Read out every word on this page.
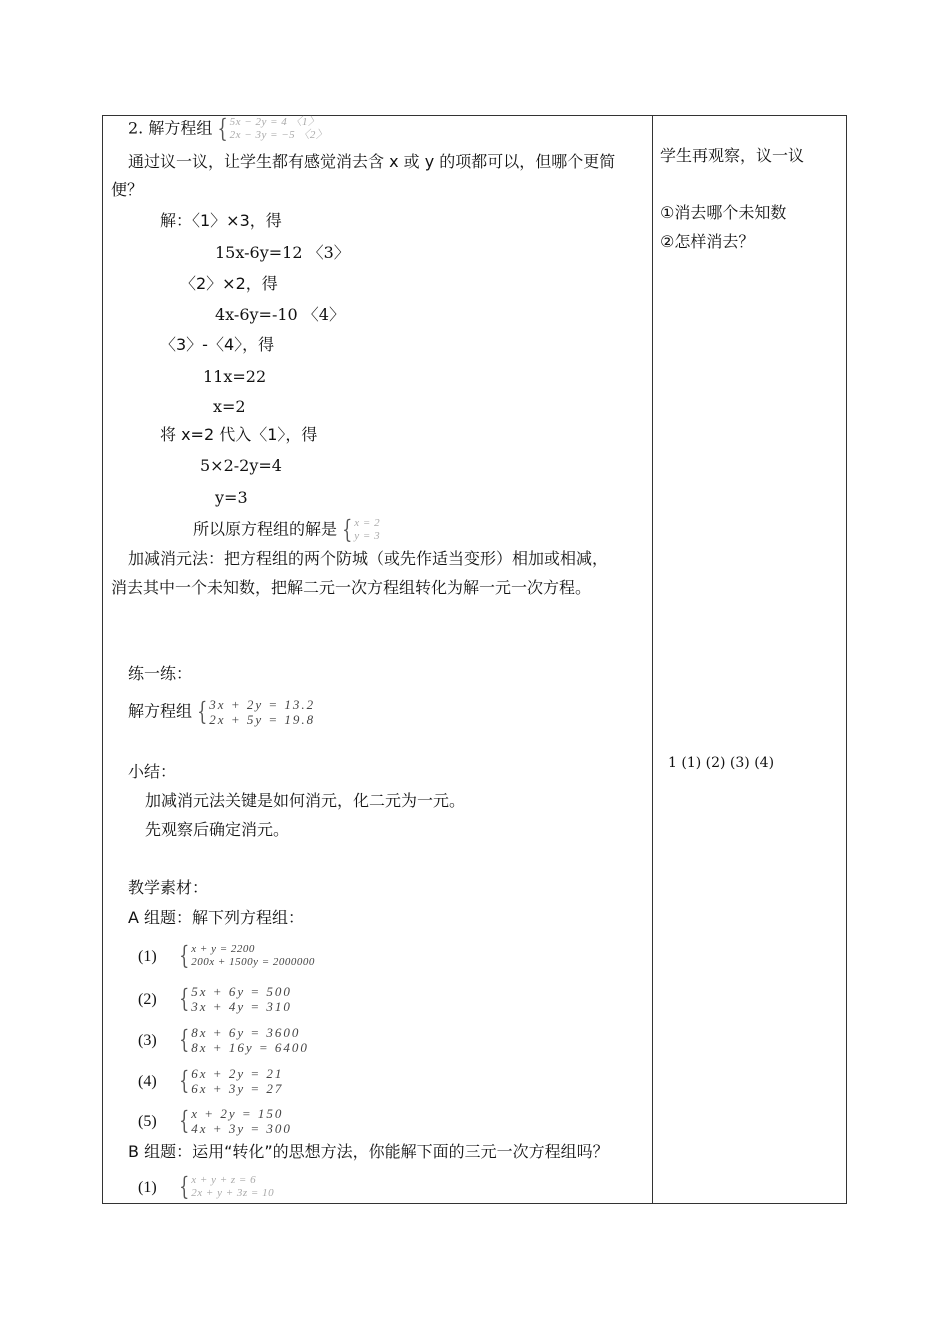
2. 解方程组 { 5x − 2y = 4 〈1〉
2x − 3y = −5 〈2〉
通过议一议，让学生都有感觉消去含 x 或 y 的项都可以，但哪个更简
便？
解：〈1〉×3，得
15x-6y=12 〈3〉
〈2〉×2，得
4x-6y=-10 〈4〉
〈3〉-〈4〉，得
11x=22
x=2
将 x=2 代入〈1〉，得
5×2-2y=4
y=3
所以原方程组的解是 { x = 2
y = 3
加减消元法：把方程组的两个防城（或先作适当变形）相加或相减，
消去其中一个未知数，把解二元一次方程组转化为解一元一次方程。
练一练：
解方程组 { 3x + 2y = 13.2
2x + 5y = 19.8
小结：
加减消元法关键是如何消元，化二元为一元。
先观察后确定消元。
教学素材：
A 组题：解下列方程组：
(1) { x + y = 2200
200x + 1500y = 2000000
(2) { 5x + 6y = 500
3x + 4y = 310
(3) { 8x + 6y = 3600
8x + 16y = 6400
(4) { 6x + 2y = 21
6x + 3y = 27
(5) { x + 2y = 150
4x + 3y = 300
B 组题：运用“转化”的思想方法，你能解下面的三元一次方程组吗？
(1) { x + y + z = 6
2x + y + 3z = 10
学生再观察，议一议
①消去哪个未知数
②怎样消去？
1 (1) (2) (3) (4)
